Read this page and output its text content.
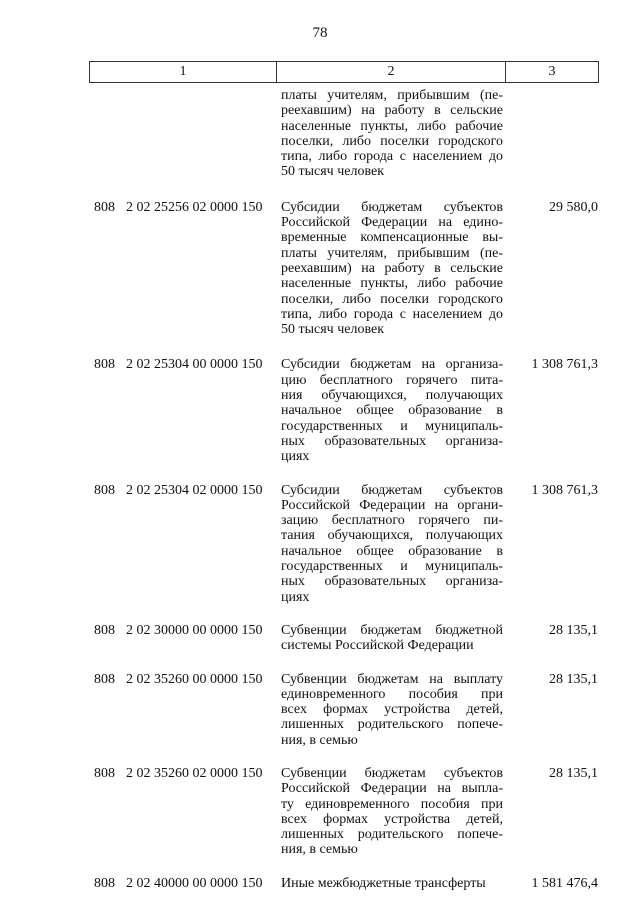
78
1	2	3
платы учителям, прибывшим (пе-
реехавшим) на работу в сельские
населенные пункты, либо рабочие
поселки, либо поселки городского
типа, либо города с населением до
50 тысяч человек
808 2 02 25256 02 0000 150 Субсидии бюджетам субъектов
Российской Федерации на едино-
временные компенсационные вы-
платы учителям, прибывшим (пе-
реехавшим) на работу в сельские
населенные пункты, либо рабочие
поселки, либо поселки городского
типа, либо города с населением до
50 тысяч человек
29 580,0
808 2 02 25304 00 0000 150 Субсидии бюджетам на организа-
цию бесплатного горячего пита-
ния обучающихся, получающих
начальное общее образование в
государственных и муниципаль-
ных образовательных организа-
циях
1 308 761,3
808 2 02 25304 02 0000 150 Субсидии бюджетам субъектов
Российской Федерации на органи-
зацию бесплатного горячего пи-
тания обучающихся, получающих
начальное общее образование в
государственных и муниципаль-
ных образовательных организа-
циях
1 308 761,3
808 2 02 30000 00 0000 150 Субвенции бюджетам бюджетной
системы Российской Федерации
28 135,1
808 2 02 35260 00 0000 150 Субвенции бюджетам на выплату
единовременного пособия при
всех формах устройства детей,
лишенных родительского попече-
ния, в семью
28 135,1
808 2 02 35260 02 0000 150 Субвенции бюджетам субъектов
Российской Федерации на выпла-
ту единовременного пособия при
всех формах устройства детей,
лишенных родительского попече-
ния, в семью
28 135,1
808 2 02 40000 00 0000 150 Иные межбюджетные трансферты	1 581 476,4
